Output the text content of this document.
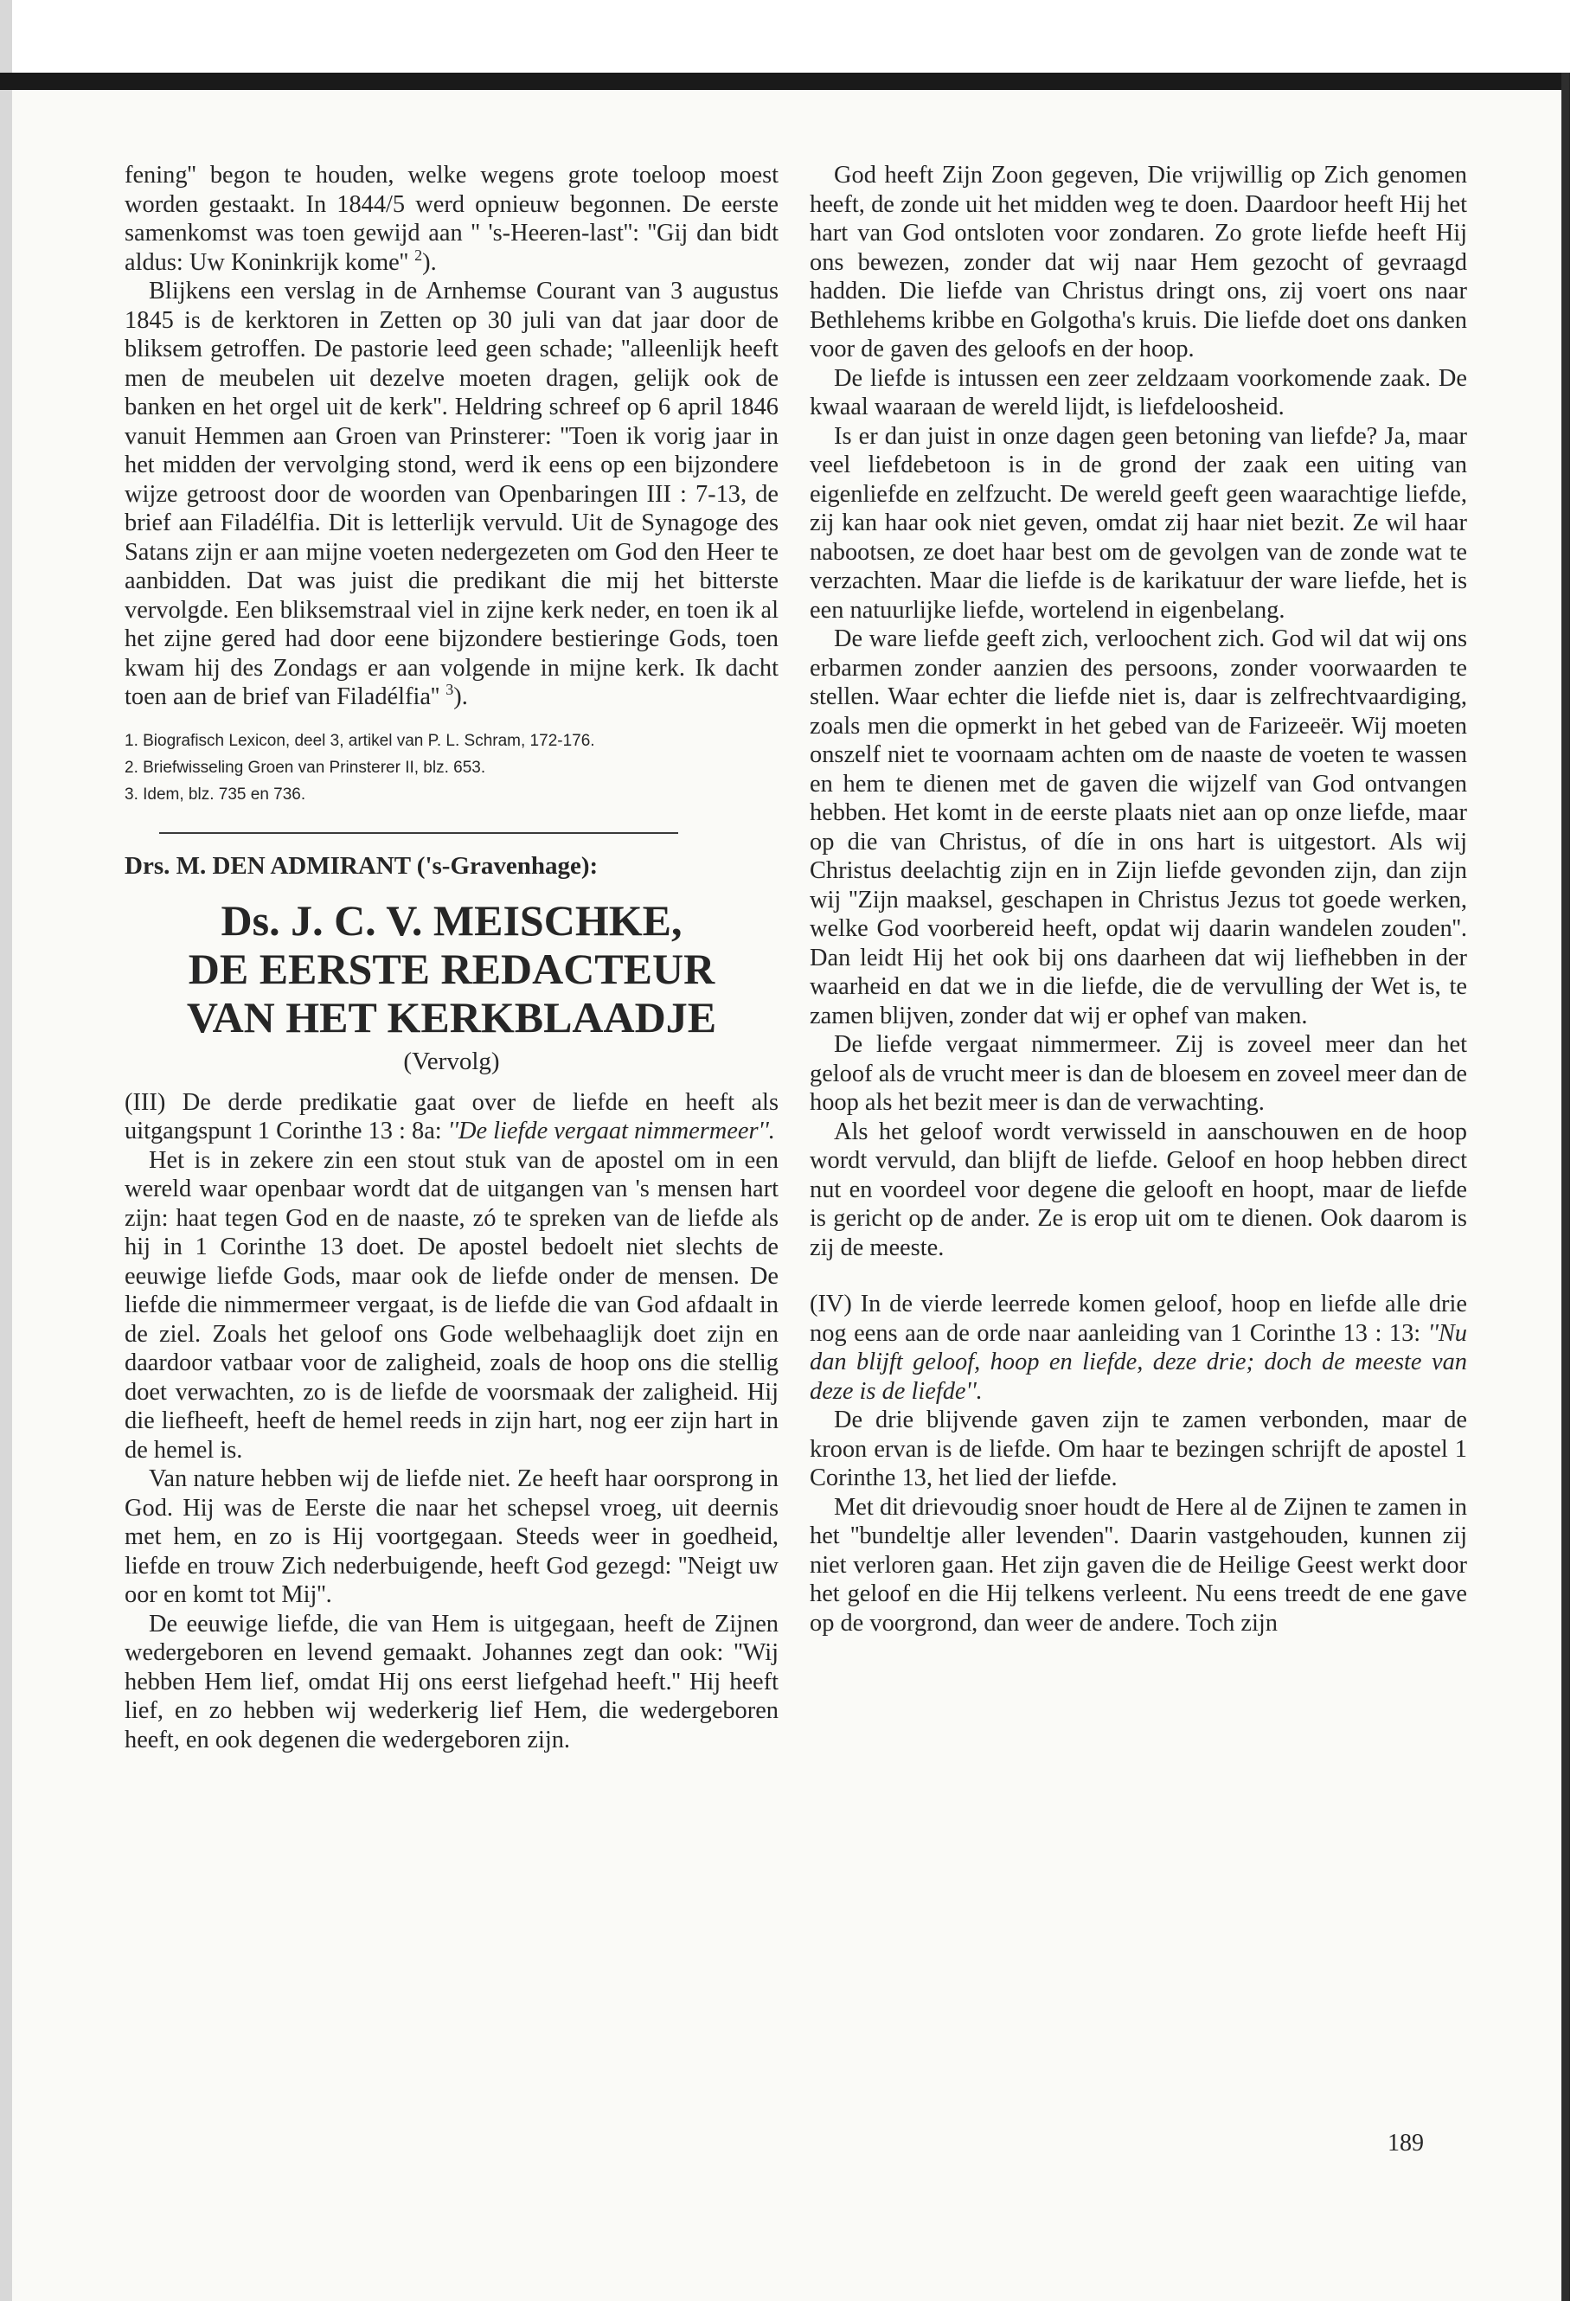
fening'' begon te houden, welke wegens grote toeloop moest worden gestaakt. In 1844/5 werd opnieuw begonnen. De eerste samenkomst was toen gewijd aan '' 's-Heeren-last'': ''Gij dan bidt aldus: Uw Koninkrijk kome'' $^2$).

Blijkens een verslag in de Arnhemse Courant van 3 augustus 1845 is de kerktoren in Zetten op 30 juli van dat jaar door de bliksem getroffen. De pastorie leed geen schade; ''alleenlijk heeft men de meubelen uit dezelve moeten dragen, gelijk ook de banken en het orgel uit de kerk''. Heldring schreef op 6 april 1846 vanuit Hemmen aan Groen van Prinsterer: ''Toen ik vorig jaar in het midden der vervolging stond, werd ik eens op een bijzondere wijze getroost door de woorden van Openbaringen III : 7-13, de brief aan Filadélfia. Dit is letterlijk vervuld. Uit de Synagoge des Satans zijn er aan mijne voeten nedergezeten om God den Heer te aanbidden. Dat was juist die predikant die mij het bitterste vervolgde. Een bliksemstraal viel in zijne kerk neder, en toen ik al het zijne gered had door eene bijzondere bestieringe Gods, toen kwam hij des Zondags er aan volgende in mijne kerk. Ik dacht toen aan de brief van Filadélfia'' $^3$).

1. Biografisch Lexicon, deel 3, artikel van P. L. Schram, 172-176.
2. Briefwisseling Groen van Prinsterer II, blz. 653.
3. Idem, blz. 735 en 736.
Drs. M. DEN ADMIRANT ('s-Gravenhage):
Ds. J. C. V. MEISCHKE,
DE EERSTE REDACTEUR
VAN HET KERKBLAADJE
(Vervolg)

(III) De derde predikatie gaat over de liefde en heeft als uitgangspunt 1 Corinthe 13 : 8a: ''De liefde vergaat nimmermeer''.

Het is in zekere zin een stout stuk van de apostel om in een wereld waar openbaar wordt dat de uitgangen van 's mensen hart zijn: haat tegen God en de naaste, zó te spreken van de liefde als hij in 1 Corinthe 13 doet. De apostel bedoelt niet slechts de eeuwige liefde Gods, maar ook de liefde onder de mensen. De liefde die nimmermeer vergaat, is de liefde die van God afdaalt in de ziel. Zoals het geloof ons Gode welbehaaglijk doet zijn en daardoor vatbaar voor de zaligheid, zoals de hoop ons die stellig doet verwachten, zo is de liefde de voorsmaak der zaligheid. Hij die liefheeft, heeft de hemel reeds in zijn hart, nog eer zijn hart in de hemel is.

Van nature hebben wij de liefde niet. Ze heeft haar oorsprong in God. Hij was de Eerste die naar het schepsel vroeg, uit deernis met hem, en zo is Hij voortgegaan. Steeds weer in goedheid, liefde en trouw Zich nederbuigende, heeft God gezegd: ''Neigt uw oor en komt tot Mij''.

De eeuwige liefde, die van Hem is uitgegaan, heeft de Zijnen wedergeboren en levend gemaakt. Johannes zegt dan ook: ''Wij hebben Hem lief, omdat Hij ons eerst liefgehad heeft.'' Hij heeft lief, en zo hebben wij wederkerig lief Hem, die wedergeboren heeft, en ook degenen die wedergeboren zijn.

God heeft Zijn Zoon gegeven, Die vrijwillig op Zich genomen heeft, de zonde uit het midden weg te doen. Daardoor heeft Hij het hart van God ontsloten voor zondaren. Zo grote liefde heeft Hij ons bewezen, zonder dat wij naar Hem gezocht of gevraagd hadden. Die liefde van Christus dringt ons, zij voert ons naar Bethlehems kribbe en Golgotha's kruis. Die liefde doet ons danken voor de gaven des geloofs en der hoop.

De liefde is intussen een zeer zeldzaam voorkomende zaak. De kwaal waaraan de wereld lijdt, is liefdeloosheid.

Is er dan juist in onze dagen geen betoning van liefde? Ja, maar veel liefdebetoon is in de grond der zaak een uiting van eigenliefde en zelfzucht. De wereld geeft geen waarachtige liefde, zij kan haar ook niet geven, omdat zij haar niet bezit. Ze wil haar nabootsen, ze doet haar best om de gevolgen van de zonde wat te verzachten. Maar die liefde is de karikatuur der ware liefde, het is een natuurlijke liefde, wortelend in eigenbelang.

De ware liefde geeft zich, verloochent zich. God wil dat wij ons erbarmen zonder aanzien des persoons, zonder voorwaarden te stellen. Waar echter die liefde niet is, daar is zelfrechtvaardiging, zoals men die opmerkt in het gebed van de Farizeeër. Wij moeten onszelf niet te voornaam achten om de naaste de voeten te wassen en hem te dienen met de gaven die wijzelf van God ontvangen hebben. Het komt in de eerste plaats niet aan op onze liefde, maar op die van Christus, of díe in ons hart is uitgestort. Als wij Christus deelachtig zijn en in Zijn liefde gevonden zijn, dan zijn wij ''Zijn maaksel, geschapen in Christus Jezus tot goede werken, welke God voorbereid heeft, opdat wij daarin wandelen zouden''. Dan leidt Hij het ook bij ons daarheen dat wij liefhebben in der waarheid en dat we in die liefde, die de vervulling der Wet is, te zamen blijven, zonder dat wij er ophef van maken.

De liefde vergaat nimmermeer. Zij is zoveel meer dan het geloof als de vrucht meer is dan de bloesem en zoveel meer dan de hoop als het bezit meer is dan de verwachting.

Als het geloof wordt verwisseld in aanschouwen en de hoop wordt vervuld, dan blijft de liefde. Geloof en hoop hebben direct nut en voordeel voor degene die gelooft en hoopt, maar de liefde is gericht op de ander. Ze is erop uit om te dienen. Ook daarom is zij de meeste.

(IV) In de vierde leerrede komen geloof, hoop en liefde alle drie nog eens aan de orde naar aanleiding van 1 Corinthe 13 : 13: ''Nu dan blijft geloof, hoop en liefde, deze drie; doch de meeste van deze is de liefde''.

De drie blijvende gaven zijn te zamen verbonden, maar de kroon ervan is de liefde. Om haar te bezingen schrijft de apostel 1 Corinthe 13, het lied der liefde.

Met dit drievoudig snoer houdt de Here al de Zijnen te zamen in het ''bundeltje aller levenden''. Daarin vastgehouden, kunnen zij niet verloren gaan. Het zijn gaven die de Heilige Geest werkt door het geloof en die Hij telkens verleent. Nu eens treedt de ene gave op de voorgrond, dan weer de andere. Toch zijn

189
